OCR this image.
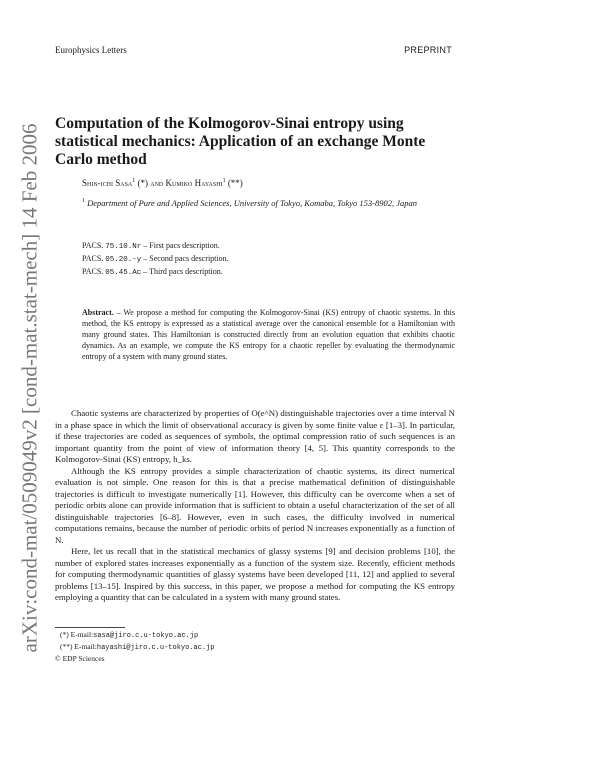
Europhysics Letters	PREPRINT
arXiv:cond-mat/0509049v2 [cond-mat.stat-mech] 14 Feb 2006
Computation of the Kolmogorov-Sinai entropy using statistical mechanics: Application of an exchange Monte Carlo method
Shin-ichi Sasa$^1$ (*) and Kumiko Hayashi$^1$ (**)
$^1$ Department of Pure and Applied Sciences, University of Tokyo, Komaba, Tokyo 153-8902, Japan
PACS. 75.10.Nr – First pacs description.
PACS. 05.20.-y – Second pacs description.
PACS. 05.45.Ac – Third pacs description.

Abstract. – We propose a method for computing the Kolmogorov-Sinai (KS) entropy of chaotic systems. In this method, the KS entropy is expressed as a statistical average over the canonical ensemble for a Hamiltonian with many ground states. This Hamiltonian is constructed directly from an evolution equation that exhibits chaotic dynamics. As an example, we compute the KS entropy for a chaotic repeller by evaluating the thermodynamic entropy of a system with many ground states.

Chaotic systems are characterized by properties of O(e^N) distinguishable trajectories over a time interval N in a phase space in which the limit of observational accuracy is given by some finite value ε [1–3]. In particular, if these trajectories are coded as sequences of symbols, the optimal compression ratio of such sequences is an important quantity from the point of view of information theory [4, 5]. This quantity corresponds to the Kolmogorov-Sinai (KS) entropy, h_ks.

Although the KS entropy provides a simple characterization of chaotic systems, its direct numerical evaluation is not simple. One reason for this is that a precise mathematical definition of distinguishable trajectories is difficult to investigate numerically [1]. However, this difficulty can be overcome when a set of periodic orbits alone can provide information that is sufficient to obtain a useful characterization of the set of all distinguishable trajectories [6–8]. However, even in such cases, the difficulty involved in numerical computations remains, because the number of periodic orbits of period N increases exponentially as a function of N.

Here, let us recall that in the statistical mechanics of glassy systems [9] and decision problems [10], the number of explored states increases exponentially as a function of the system size. Recently, efficient methods for computing thermodynamic quantities of glassy systems have been developed [11, 12] and applied to several problems [13–15]. Inspired by this success, in this paper, we propose a method for computing the KS entropy employing a quantity that can be calculated in a system with many ground states.

(*) E-mail:sasa@jiro.c.u-tokyo.ac.jp
(**) E-mail:hayashi@jiro.c.u-tokyo.ac.jp
© EDP Sciences
